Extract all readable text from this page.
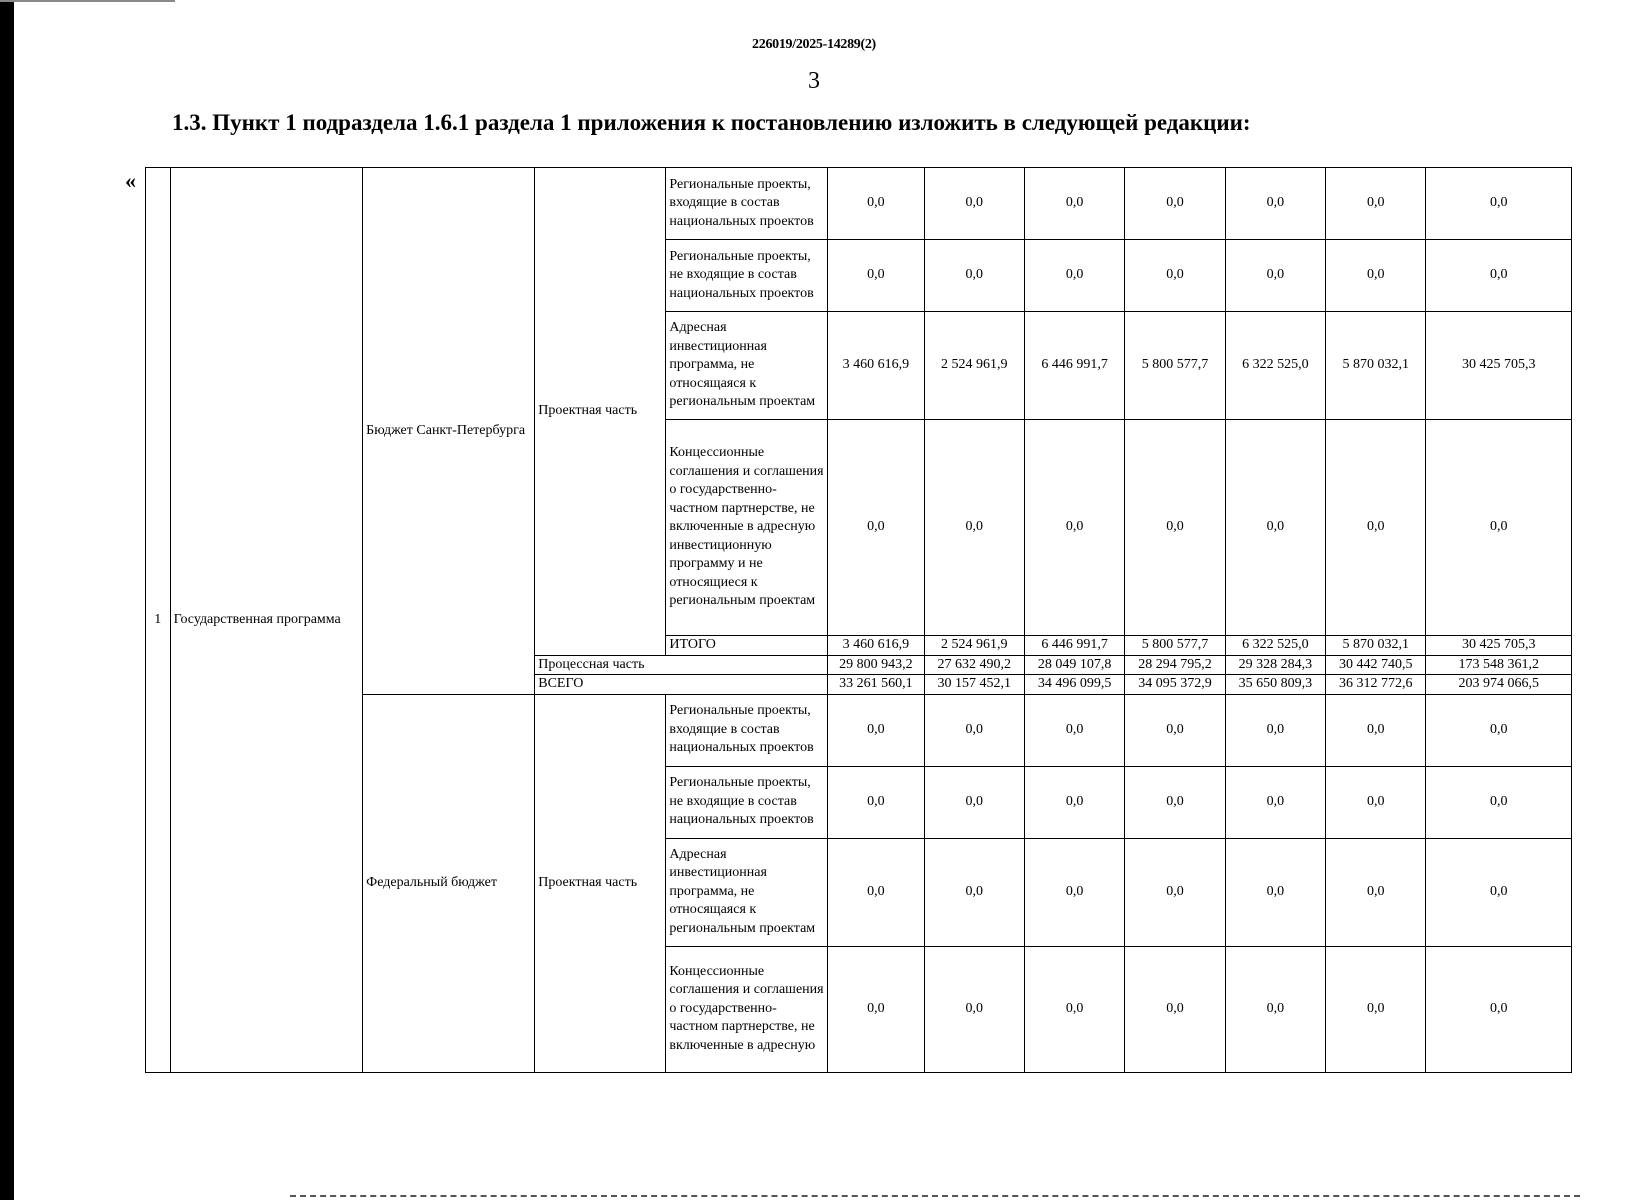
226019/2025-14289(2)
3
1.3. Пункт 1 подраздела 1.6.1 раздела 1 приложения к постановлению изложить в следующей редакции:
«
1	Государственная программа	Бюджет Санкт-Петербурга	Проектная часть	Региональные проекты, входящие в состав национальных проектов	0,0	0,0	0,0	0,0	0,0	0,0	0,0
				Региональные проекты, не входящие в состав национальных проектов	0,0	0,0	0,0	0,0	0,0	0,0	0,0
				Адресная инвестиционная программа, не относящаяся к региональным проектам	3 460 616,9	2 524 961,9	6 446 991,7	5 800 577,7	6 322 525,0	5 870 032,1	30 425 705,3
				Концессионные соглашения и соглашения о государственно-частном партнерстве, не включенные в адресную инвестиционную программу и не относящиеся к региональным проектам	0,0	0,0	0,0	0,0	0,0	0,0	0,0
				ИТОГО	3 460 616,9	2 524 961,9	6 446 991,7	5 800 577,7	6 322 525,0	5 870 032,1	30 425 705,3
			Процессная часть		29 800 943,2	27 632 490,2	28 049 107,8	28 294 795,2	29 328 284,3	30 442 740,5	173 548 361,2
			ВСЕГО		33 261 560,1	30 157 452,1	34 496 099,5	34 095 372,9	35 650 809,3	36 312 772,6	203 974 066,5
		Федеральный бюджет	Проектная часть	Региональные проекты, входящие в состав национальных проектов	0,0	0,0	0,0	0,0	0,0	0,0	0,0
				Региональные проекты, не входящие в состав национальных проектов	0,0	0,0	0,0	0,0	0,0	0,0	0,0
				Адресная инвестиционная программа, не относящаяся к региональным проектам	0,0	0,0	0,0	0,0	0,0	0,0	0,0
				Концессионные соглашения и соглашения о государственно-частном партнерстве, не включенные в адресную	0,0	0,0	0,0	0,0	0,0	0,0	0,0
